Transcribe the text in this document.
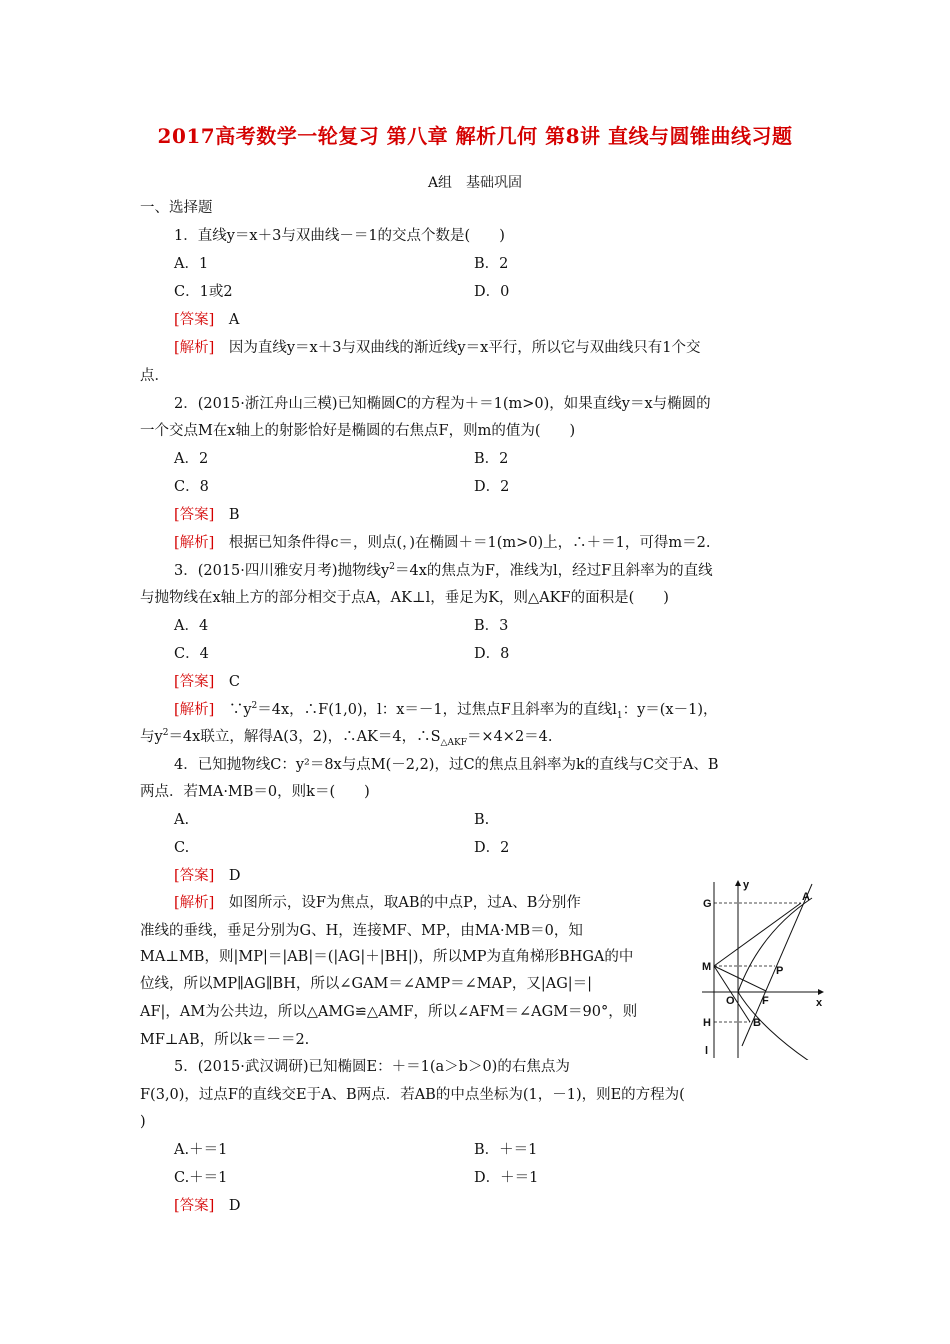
2017高考数学一轮复习 第八章 解析几何 第8讲 直线与圆锥曲线习题
A组　基础巩固
一、选择题
1．直线y＝x＋3与双曲线－＝1的交点个数是(　　)
A．1	B．2
C．1或2	D．0
[答案]　 A
[解析]　 因为直线y＝x＋3与双曲线的渐近线y＝x平行，所以它与双曲线只有1个交
点．
2．(2015·浙江舟山三模)已知椭圆C的方程为＋＝1(m>0)，如果直线y＝x与椭圆的
一个交点M在x轴上的射影恰好是椭圆的右焦点F，则m的值为(　　)
A．2	B．2
C．8	D．2
[答案]　 B
[解析]　 根据已知条件得c＝，则点(，)在椭圆＋＝1(m>0)上，∴＋＝1，可得m＝2.
3．(2015·四川雅安月考)抛物线$y^2=4x$的焦点为F，准线为l，经过F且斜率为的直线
与抛物线在x轴上方的部分相交于点A，AK⊥l，垂足为K，则△AKF的面积是(　　)
A．4	B．3
C．4	D．8
[答案]　 C
[解析]　 $\because y^2=4x$，∴F(1,0)，l：x＝－1，过焦点F且斜率为的直线$l_1$：y＝(x－1)，
与$y^2=4x$联立，解得A(3，2)，∴AK＝4，$\therefore S_{\triangle AKF}=\times 4\times 2=4$.
4．已知抛物线C：y²＝8x与点M(－2,2)，过C的焦点且斜率为k的直线与C交于A、B
两点．若MA·MB＝0，则k＝(　　)
A.	B.
C.	D．2
[答案]　 D
[解析]　 如图所示，设F为焦点，取AB的中点P，过A、B分别作
准线的垂线，垂足分别为G、H，连接MF、MP，由MA·MB＝0，知
MA⊥MB，则|MP|＝|AB|＝(|AG|＋|BH|)，所以MP为直角梯形BHGA的中
位线，所以MP∥AG∥BH，所以∠GAM＝∠AMP＝∠MAP，又|AG|＝|
AF|，AM为公共边，所以△AMG≌△AMF，所以∠AFM＝∠AGM＝90°，则
MF⊥AB，所以k＝－＝2.
5．(2015·武汉调研)已知椭圆E：＋＝1(a＞b＞0)的右焦点为
F(3,0)，过点F的直线交E于A、B两点．若AB的中点坐标为(1，－1)，则E的方程为(
)
A.＋＝1	B．＋＝1
C.＋＝1	D．＋＝1
[答案]　 D
y
x
A
G
M	P
O F
H	B
l
